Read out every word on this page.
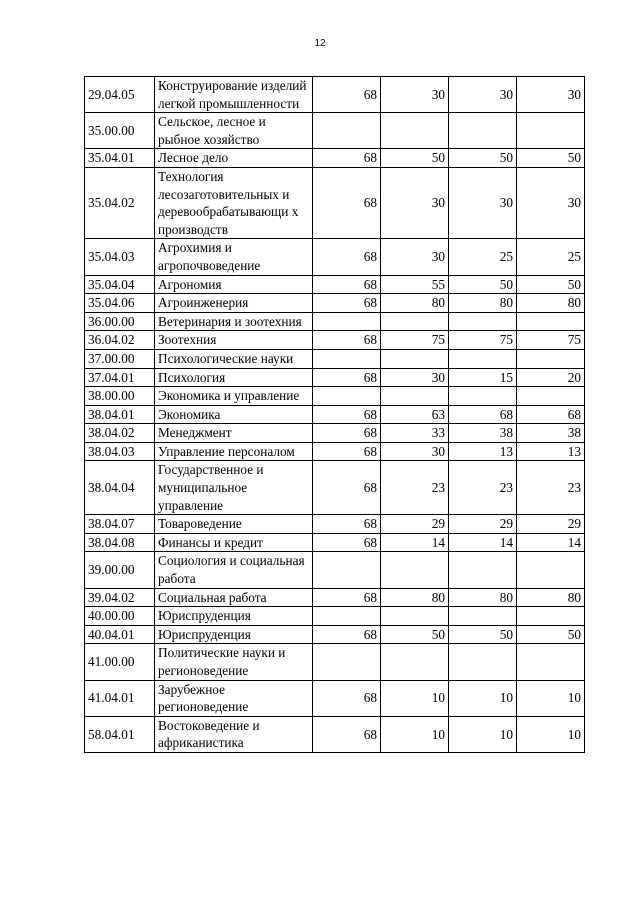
12
29.04.05	Конструирование изделий легкой промышленности	68	30	30	30
35.00.00	Сельское, лесное и рыбное хозяйство				
35.04.01	Лесное дело	68	50	50	50
35.04.02	Технология лесозаготовительных и деревообрабатывающи х производств	68	30	30	30
35.04.03	Агрохимия и агропочвоведение	68	30	25	25
35.04.04	Агрономия	68	55	50	50
35.04.06	Агроинженерия	68	80	80	80
36.00.00	Ветеринария и зоотехния				
36.04.02	Зоотехния	68	75	75	75
37.00.00	Психологические науки				
37.04.01	Психология	68	30	15	20
38.00.00	Экономика и управление				
38.04.01	Экономика	68	63	68	68
38.04.02	Менеджмент	68	33	38	38
38.04.03	Управление персоналом	68	30	13	13
38.04.04	Государственное и муниципальное управление	68	23	23	23
38.04.07	Товароведение	68	29	29	29
38.04.08	Финансы и кредит	68	14	14	14
39.00.00	Социология и социальная работа				
39.04.02	Социальная работа	68	80	80	80
40.00.00	Юриспруденция				
40.04.01	Юриспруденция	68	50	50	50
41.00.00	Политические науки и регионоведение				
41.04.01	Зарубежное регионоведение	68	10	10	10
58.04.01	Востоковедение и африканистика	68	10	10	10
